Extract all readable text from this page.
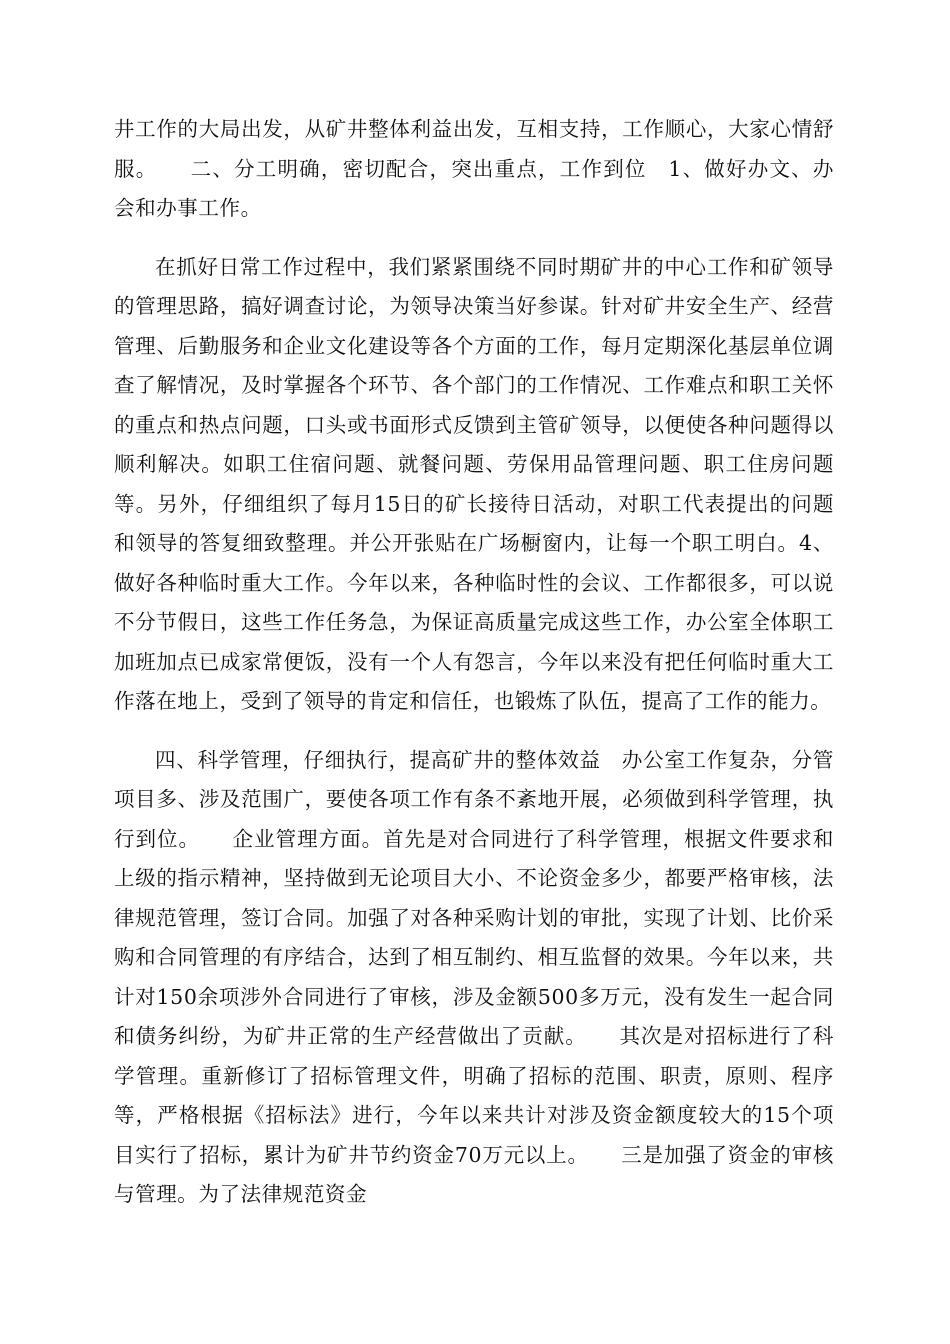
井工作的大局出发，从矿井整体利益出发，互相支持，工作顺心，大家心情舒服。　　二、分工明确，密切配合，突出重点，工作到位　1、做好办文、办会和办事工作。

在抓好日常工作过程中，我们紧紧围绕不同时期矿井的中心工作和矿领导的管理思路，搞好调查讨论，为领导决策当好参谋。针对矿井安全生产、经营管理、后勤服务和企业文化建设等各个方面的工作，每月定期深化基层单位调查了解情况，及时掌握各个环节、各个部门的工作情况、工作难点和职工关怀的重点和热点问题，口头或书面形式反馈到主管矿领导，以便使各种问题得以顺利解决。如职工住宿问题、就餐问题、劳保用品管理问题、职工住房问题等。另外，仔细组织了每月15日的矿长接待日活动，对职工代表提出的问题和领导的答复细致整理。并公开张贴在广场橱窗内，让每一个职工明白。4、做好各种临时重大工作。今年以来，各种临时性的会议、工作都很多，可以说不分节假日，这些工作任务急，为保证高质量完成这些工作，办公室全体职工加班加点已成家常便饭，没有一个人有怨言，今年以来没有把任何临时重大工作落在地上，受到了领导的肯定和信任，也锻炼了队伍，提高了工作的能力。

四、科学管理，仔细执行，提高矿井的整体效益　办公室工作复杂，分管项目多、涉及范围广，要使各项工作有条不紊地开展，必须做到科学管理，执行到位。　　企业管理方面。首先是对合同进行了科学管理，根据文件要求和上级的指示精神，坚持做到无论项目大小、不论资金多少，都要严格审核，法律规范管理，签订合同。加强了对各种采购计划的审批，实现了计划、比价采购和合同管理的有序结合，达到了相互制约、相互监督的效果。今年以来，共计对150余项涉外合同进行了审核，涉及金额500多万元，没有发生一起合同和债务纠纷，为矿井正常的生产经营做出了贡献。　　其次是对招标进行了科学管理。重新修订了招标管理文件，明确了招标的范围、职责，原则、程序等，严格根据《招标法》进行，今年以来共计对涉及资金额度较大的15个项目实行了招标，累计为矿井节约资金70万元以上。　　三是加强了资金的审核与管理。为了法律规范资金
